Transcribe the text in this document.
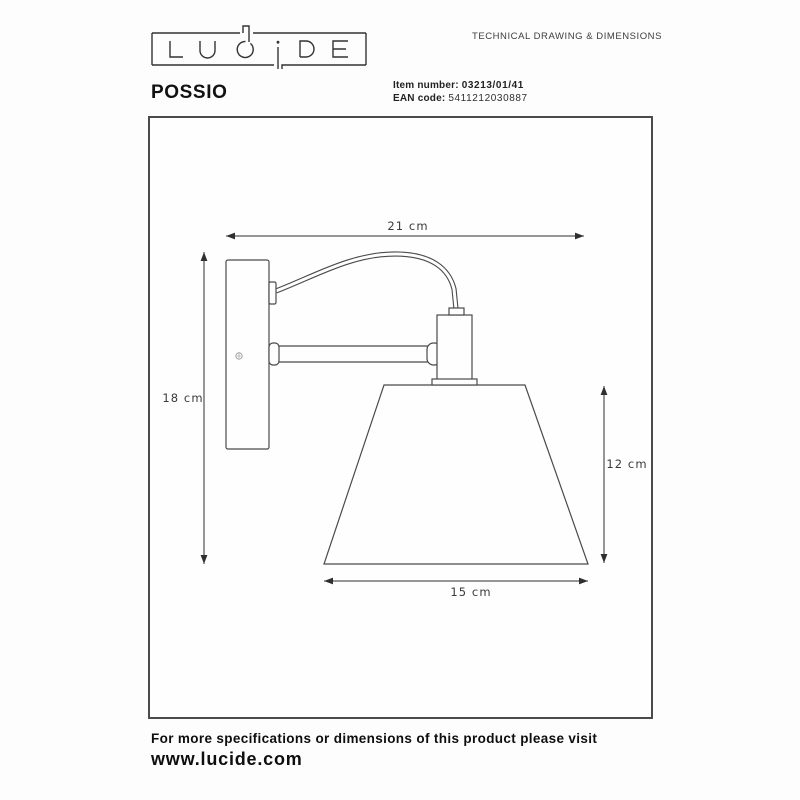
TECHNICAL DRAWING & DIMENSIONS
POSSIO	Item number: 03213/01/41
EAN code: 5411212030887
21 cm
18 cm
12 cm
15 cm
For more specifications or dimensions of this product please visit
www.lucide.com
